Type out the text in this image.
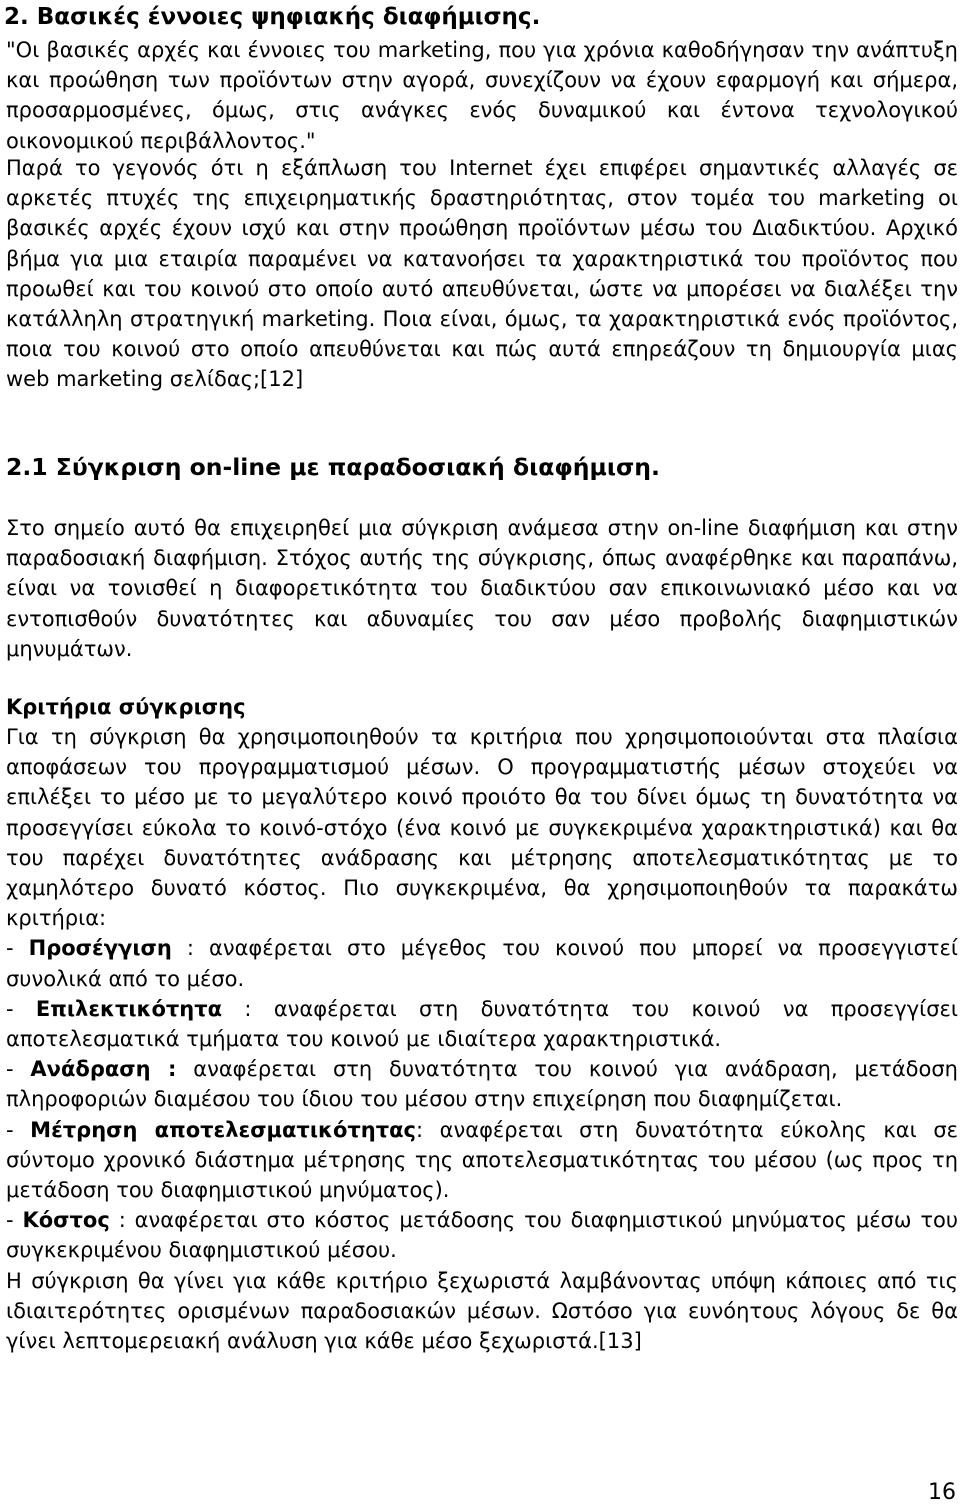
2. Βασικές έννοιες ψηφιακής διαφήμισης.

"Οι βασικές αρχές και έννοιες του marketing, που για χρόνια καθοδήγησαν την ανάπτυξη και προώθηση των προϊόντων στην αγορά, συνεχίζουν να έχουν εφαρμογή και σήμερα, προσαρμοσμένες, όμως, στις ανάγκες ενός δυναμικού και έντονα τεχνολογικού οικονομικού περιβάλλοντος."

Παρά το γεγονός ότι η εξάπλωση του Internet έχει επιφέρει σημαντικές αλλαγές σε αρκετές πτυχές της επιχειρηματικής δραστηριότητας, στον τομέα του marketing οι βασικές αρχές έχουν ισχύ και στην προώθηση προϊόντων μέσω του Διαδικτύου. Αρχικό βήμα για μια εταιρία παραμένει να κατανοήσει τα χαρακτηριστικά του προϊόντος που προωθεί και του κοινού στο οποίο αυτό απευθύνεται, ώστε να μπορέσει να διαλέξει την κατάλληλη στρατηγική marketing. Ποια είναι, όμως, τα χαρακτηριστικά ενός προϊόντος, ποια του κοινού στο οποίο απευθύνεται και πώς αυτά επηρεάζουν τη δημιουργία μιας web marketing σελίδας;[12]

2.1 Σύγκριση on-line με παραδοσιακή διαφήμιση.

Στο σημείο αυτό θα επιχειρηθεί μια σύγκριση ανάμεσα στην on-line διαφήμιση και στην παραδοσιακή διαφήμιση. Στόχος αυτής της σύγκρισης, όπως αναφέρθηκε και παραπάνω, είναι να τονισθεί η διαφορετικότητα του διαδικτύου σαν επικοινωνιακό μέσο και να εντοπισθούν δυνατότητες και αδυναμίες του σαν μέσο προβολής διαφημιστικών μηνυμάτων.

Κριτήρια σύγκρισης
Για τη σύγκριση θα χρησιμοποιηθούν τα κριτήρια που χρησιμοποιούνται στα πλαίσια αποφάσεων του προγραμματισμού μέσων. Ο προγραμματιστής μέσων στοχεύει να επιλέξει το μέσο με το μεγαλύτερο κοινό προιότο θα του δίνει όμως τη δυνατότητα να προσεγγίσει εύκολα το κοινό-στόχο (ένα κοινό με συγκεκριμένα χαρακτηριστικά) και θα του παρέχει δυνατότητες ανάδρασης και μέτρησης αποτελεσματικότητας με το χαμηλότερο δυνατό κόστος. Πιο συγκεκριμένα, θα χρησιμοποιηθούν τα παρακάτω κριτήρια:
- Προσέγγιση : αναφέρεται στο μέγεθος του κοινού που μπορεί να προσεγγιστεί συνολικά από το μέσο.
- Επιλεκτικότητα : αναφέρεται στη δυνατότητα του κοινού να προσεγγίσει αποτελεσματικά τμήματα του κοινού με ιδιαίτερα χαρακτηριστικά.
- Ανάδραση : αναφέρεται στη δυνατότητα του κοινού για ανάδραση, μετάδοση πληροφοριών διαμέσου του ίδιου του μέσου στην επιχείρηση που διαφημίζεται.
- Μέτρηση αποτελεσματικότητας: αναφέρεται στη δυνατότητα εύκολης και σε σύντομο χρονικό διάστημα μέτρησης της αποτελεσματικότητας του μέσου (ως προς τη μετάδοση του διαφημιστικού μηνύματος).
- Κόστος : αναφέρεται στο κόστος μετάδοσης του διαφημιστικού μηνύματος μέσω του συγκεκριμένου διαφημιστικού μέσου.
Η σύγκριση θα γίνει για κάθε κριτήριο ξεχωριστά λαμβάνοντας υπόψη κάποιες από τις ιδιαιτερότητες ορισμένων παραδοσιακών μέσων. Ωστόσο για ευνόητους λόγους δε θα γίνει λεπτομερειακή ανάλυση για κάθε μέσο ξεχωριστά.[13]
16
